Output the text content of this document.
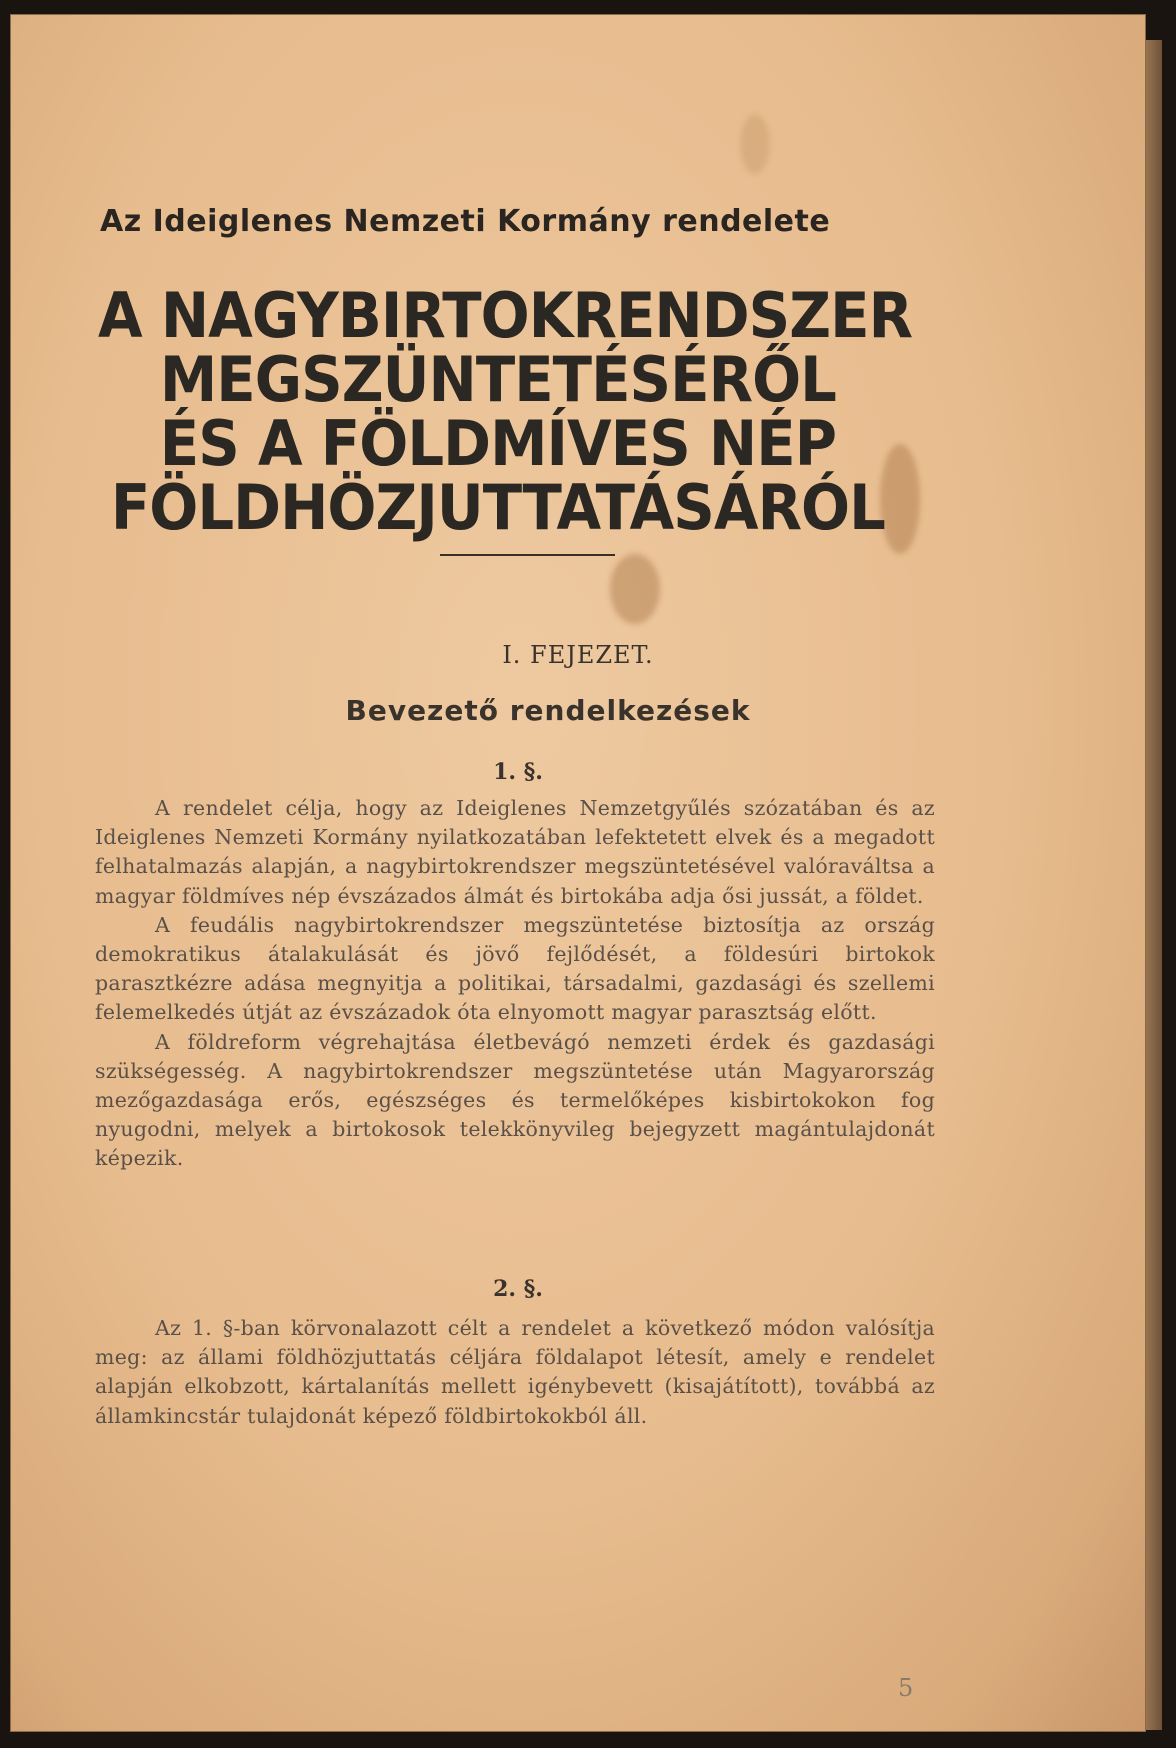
Az Ideiglenes Nemzeti Kormány rendelete
A NAGYBIRTOKRENDSZER
MEGSZÜNTETÉSÉRŐL
ÉS A FÖLDMÍVES NÉP
FÖLDHÖZJUTTATÁSÁRÓL
I. FEJEZET.
Bevezető rendelkezések
1. §.

A rendelet célja, hogy az Ideiglenes Nemzetgyűlés szózatában és az Ideiglenes Nemzeti Kormány nyilatkozatában lefektetett elvek és a megadott felhatalmazás alapján, a nagybirtokrendszer megszüntetésével valóraváltsa a magyar földmíves nép évszázados álmát és birtokába adja ősi jussát, a földet.

A feudális nagybirtokrendszer megszüntetése biztosítja az ország demokratikus átalakulását és jövő fejlődését, a földesúri birtokok parasztkézre adása megnyitja a politikai, társadalmi, gazdasági és szellemi felemelkedés útját az évszázadok óta elnyomott magyar parasztság előtt.

A földreform végrehajtása életbevágó nemzeti érdek és gazdasági szükségesség. A nagybirtokrendszer megszüntetése után Magyarország mezőgazdasága erős, egészséges és termelőképes kisbirtokokon fog nyugodni, melyek a birtokosok telekkönyvileg bejegyzett magántulajdonát képezik.

2. §.

Az 1. §-ban körvonalazott célt a rendelet a következő módon valósítja meg: az állami földhözjuttatás céljára földalapot létesít, amely e rendelet alapján elkobzott, kártalanítás mellett igénybevett (kisajátított), továbbá az államkincstár tulajdonát képező földbirtokokból áll.

5
